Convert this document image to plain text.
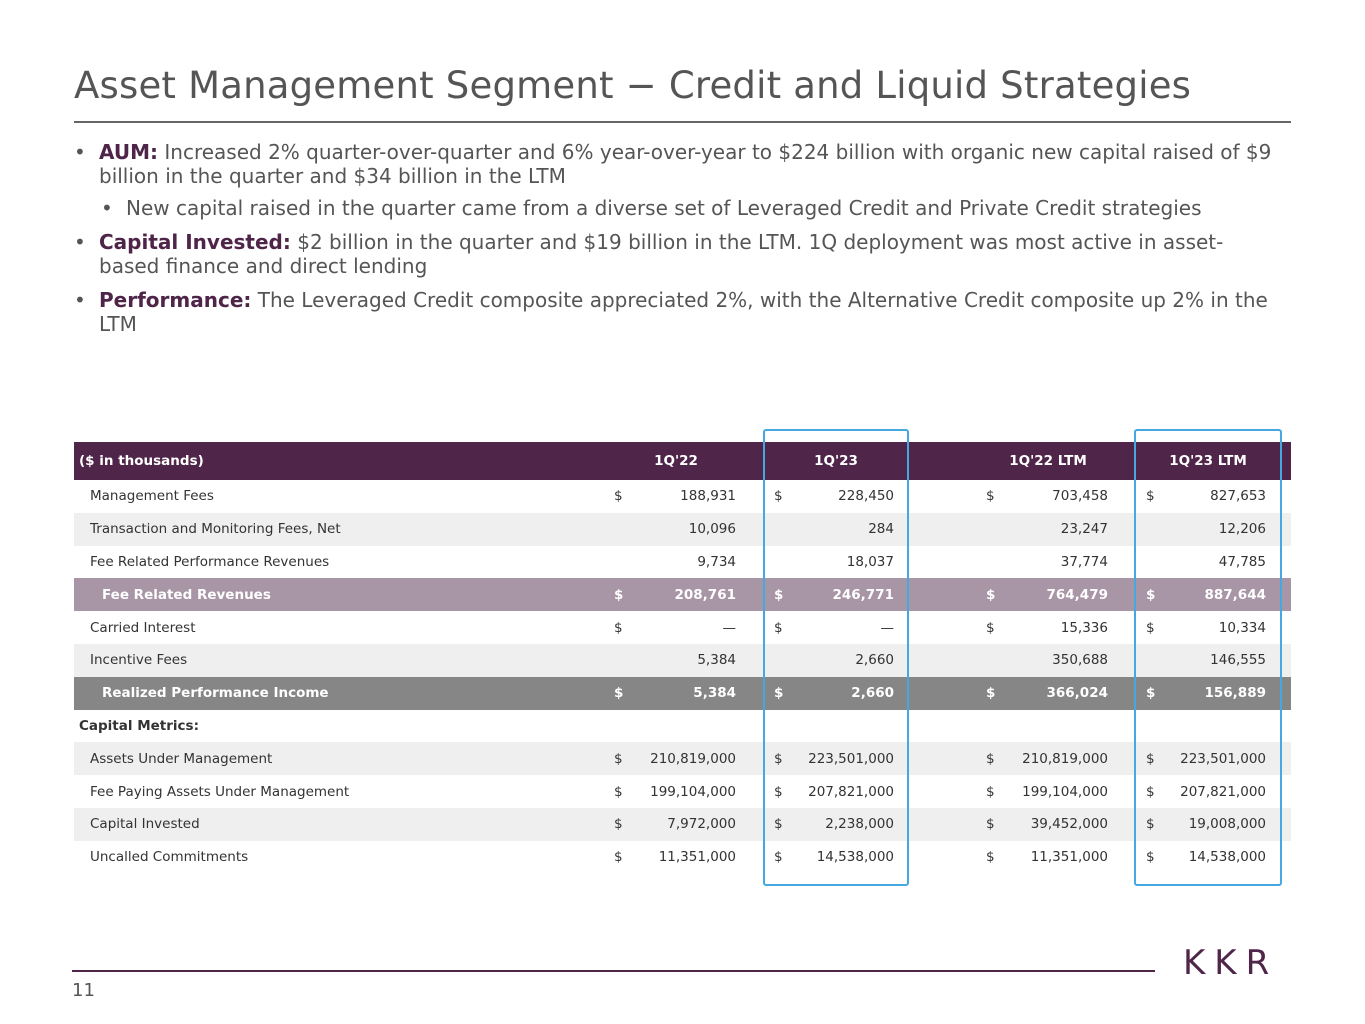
Asset Management Segment − Credit and Liquid Strategies
• AUM: Increased 2% quarter-over-quarter and 6% year-over-year to $224 billion with organic new capital raised of $9 billion in the quarter and $34 billion in the LTM
• New capital raised in the quarter came from a diverse set of Leveraged Credit and Private Credit strategies
• Capital Invested: $2 billion in the quarter and $19 billion in the LTM. 1Q deployment was most active in asset-based finance and direct lending
• Performance: The Leveraged Credit composite appreciated 2%, with the Alternative Credit composite up 2% in the LTM
($ in thousands)	1Q'22	1Q'23	1Q'22 LTM	1Q'23 LTM
Management Fees	$	188,931	$	228,450	$	703,458	$	827,653
Transaction and Monitoring Fees, Net	10,096	284	23,247	12,206
Fee Related Performance Revenues	9,734	18,037	37,774	47,785
Fee Related Revenues	$	208,761	$	246,771	$	764,479	$	887,644
Carried Interest	$	—	$	—	$	15,336	$	10,334
Incentive Fees	5,384	2,660	350,688	146,555
Realized Performance Income	$	5,384	$	2,660	$	366,024	$	156,889
Capital Metrics:
Assets Under Management	$	210,819,000	$	223,501,000	$	210,819,000	$	223,501,000
Fee Paying Assets Under Management	$	199,104,000	$	207,821,000	$	199,104,000	$	207,821,000
Capital Invested	$	7,972,000	$	2,238,000	$	39,452,000	$	19,008,000
Uncalled Commitments	$	11,351,000	$	14,538,000	$	11,351,000	$	14,538,000
11
KKR
